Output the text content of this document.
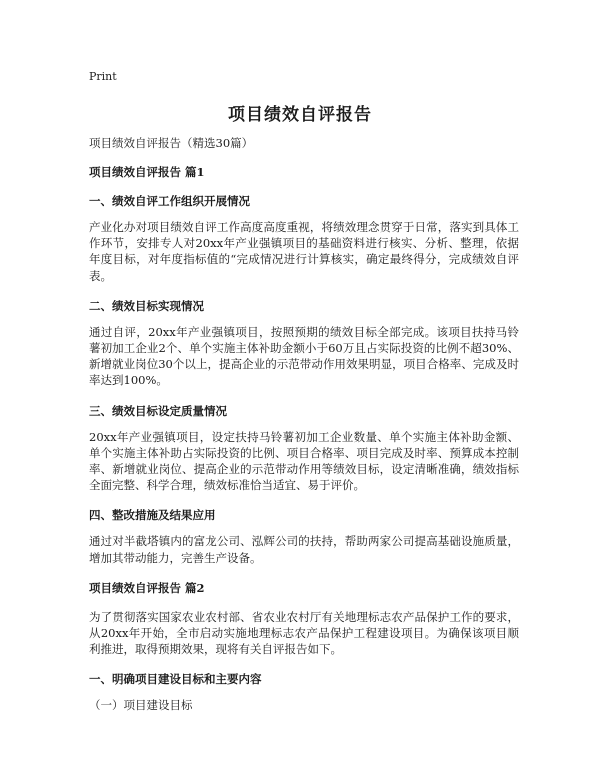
Print
项目绩效自评报告

项目绩效自评报告（精选30篇）

项目绩效自评报告 篇1

一、绩效自评工作组织开展情况

产业化办对项目绩效自评工作高度高度重视，将绩效理念贯穿于日常，落实到具体工作环节，安排专人对20xx年产业强镇项目的基础资料进行核实、分析、整理，依据年度目标，对年度指标值的“完成情况进行计算核实，确定最终得分，完成绩效自评表。

二、绩效目标实现情况

通过自评，20xx年产业强镇项目，按照预期的绩效目标全部完成。该项目扶持马铃薯初加工企业2个、单个实施主体补助金额小于60万且占实际投资的比例不超30%、新增就业岗位30个以上，提高企业的示范带动作用效果明显，项目合格率、完成及时率达到100%。

三、绩效目标设定质量情况

20xx年产业强镇项目，设定扶持马铃薯初加工企业数量、单个实施主体补助金额、单个实施主体补助占实际投资的比例、项目合格率、项目完成及时率、预算成本控制率、新增就业岗位、提高企业的示范带动作用等绩效目标，设定清晰准确，绩效指标全面完整、科学合理，绩效标准恰当适宜、易于评价。

四、整改措施及结果应用

通过对半截塔镇内的富龙公司、泓辉公司的扶持，帮助两家公司提高基础设施质量，增加其带动能力，完善生产设备。

项目绩效自评报告 篇2

为了贯彻落实国家农业农村部、省农业农村厅有关地理标志农产品保护工作的要求，从20xx年开始，全市启动实施地理标志农产品保护工程建设项目。为确保该项目顺利推进，取得预期效果，现将有关自评报告如下。

一、明确项目建设目标和主要内容

（一）项目建设目标
